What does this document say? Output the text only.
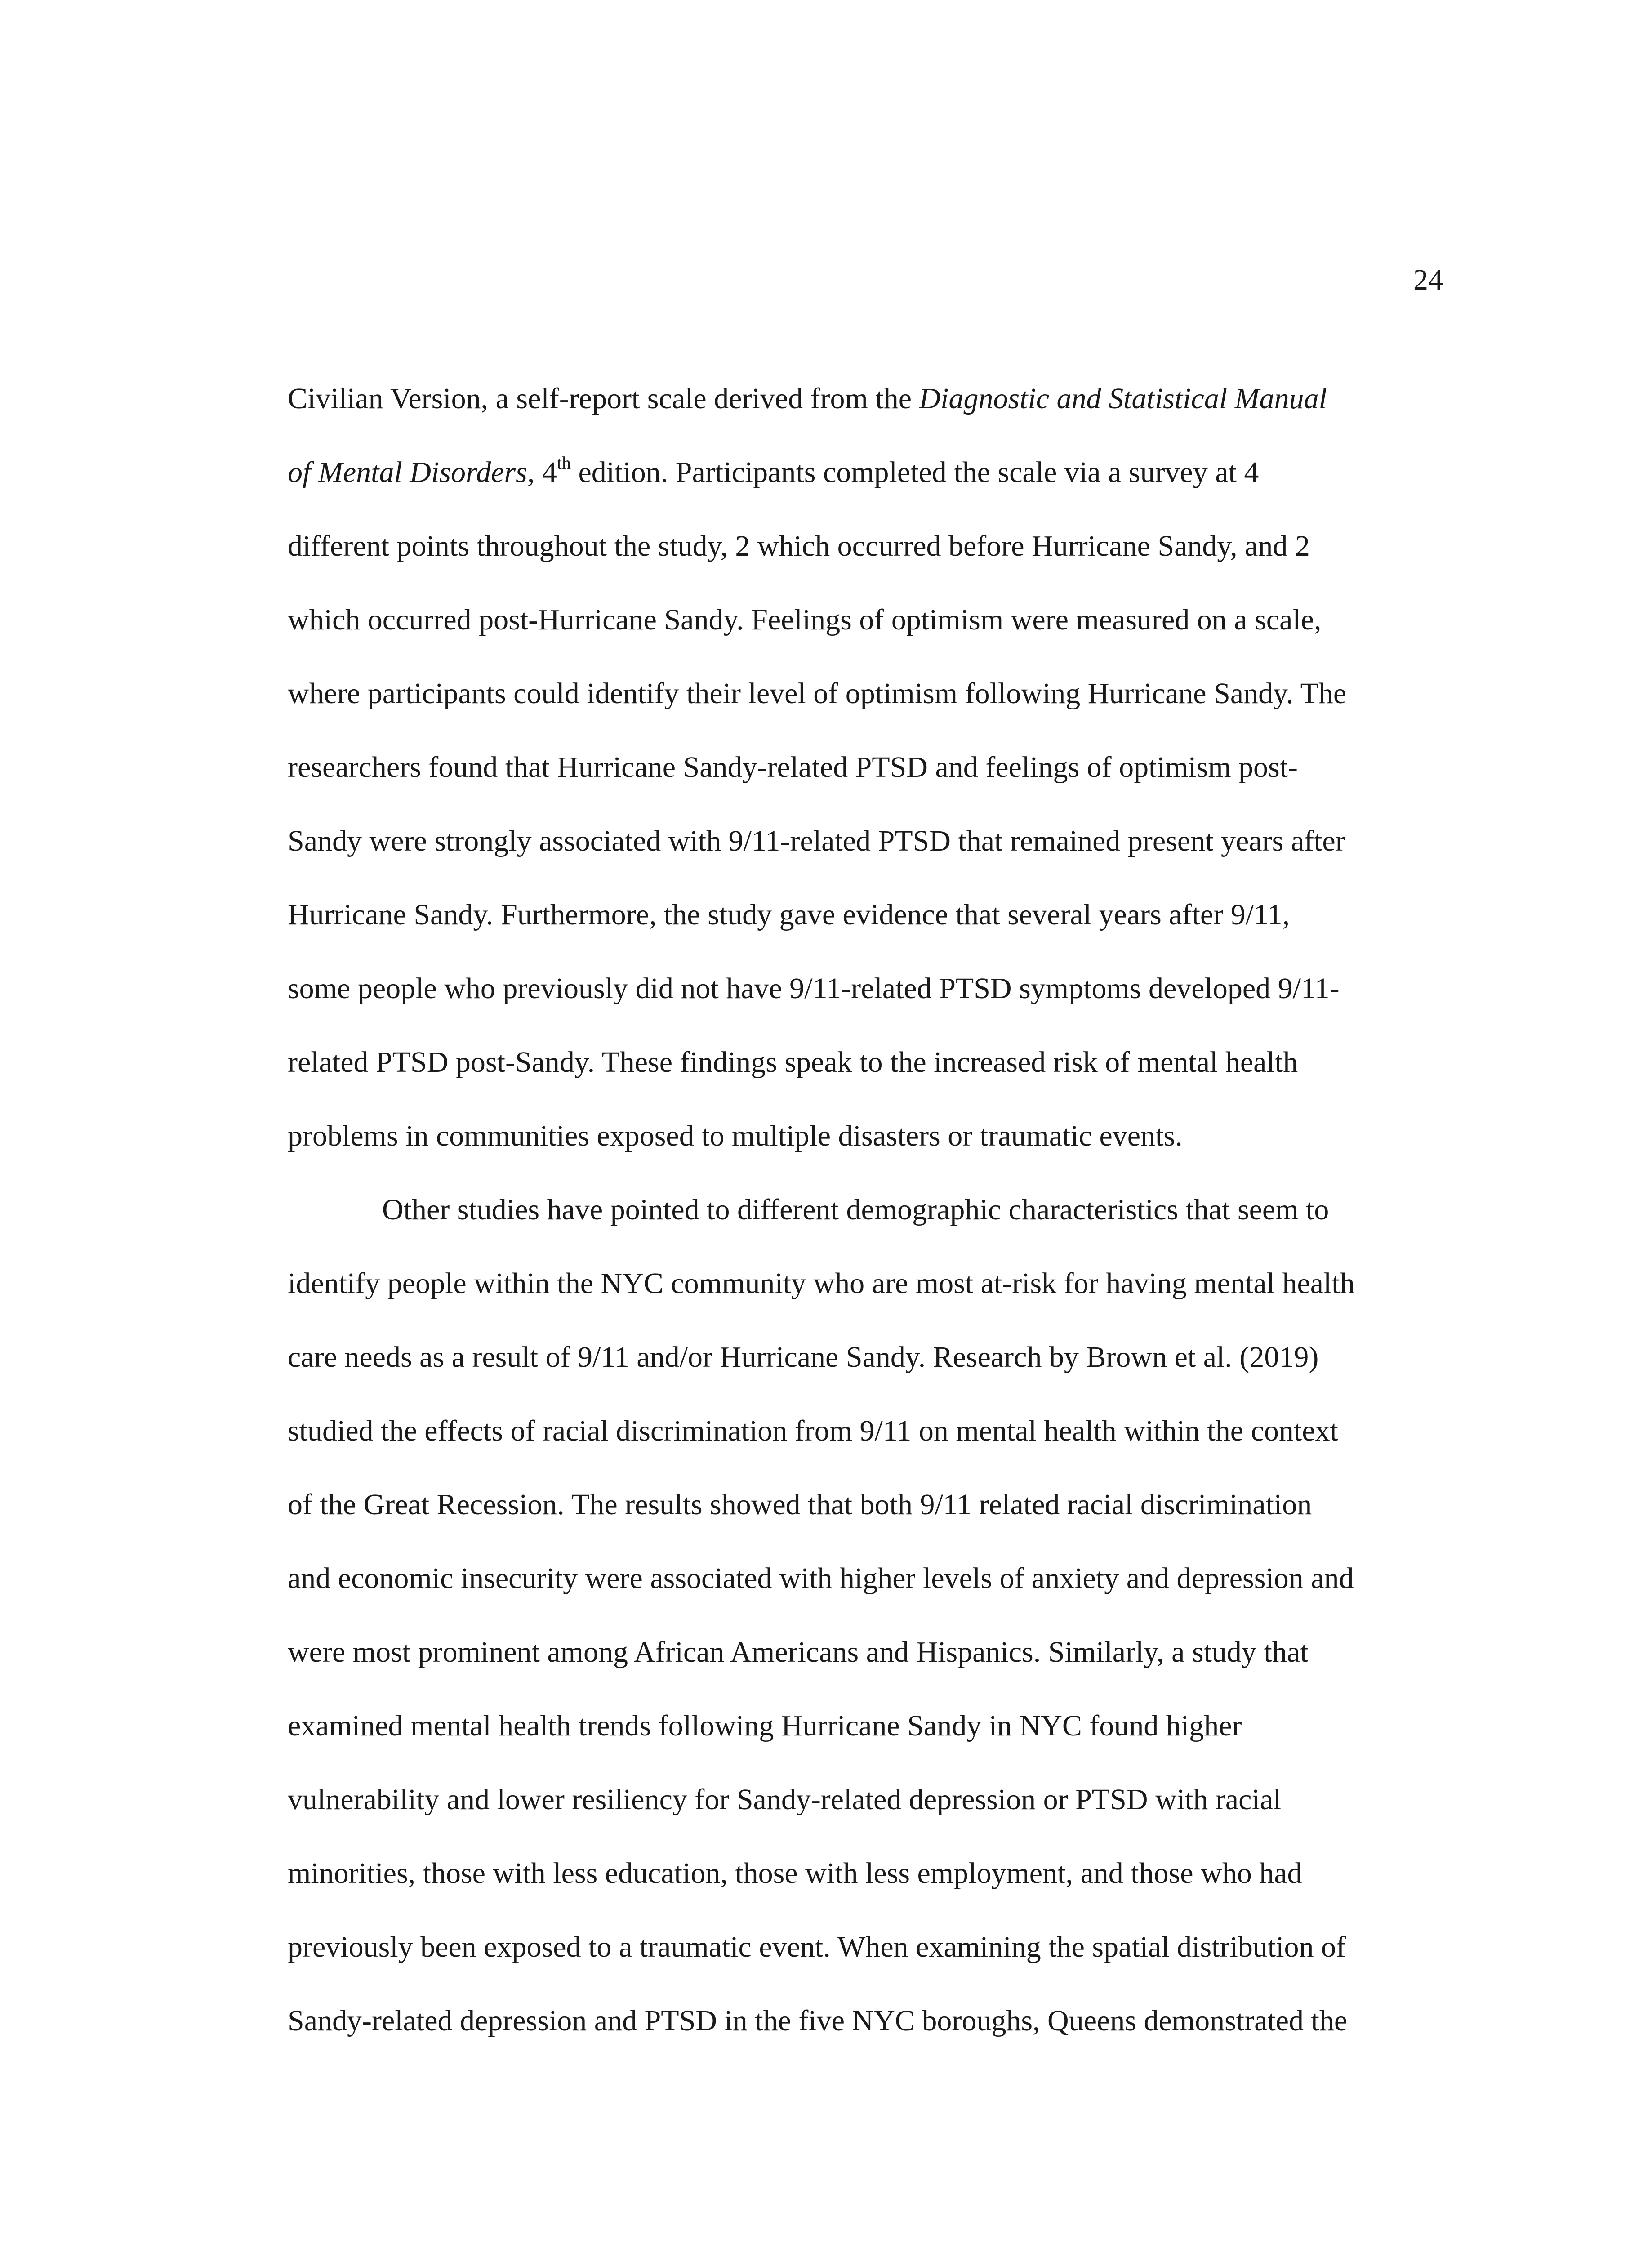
24
Civilian Version, a self-report scale derived from the Diagnostic and Statistical Manual
of Mental Disorders, 4th edition. Participants completed the scale via a survey at 4
different points throughout the study, 2 which occurred before Hurricane Sandy, and 2
which occurred post-Hurricane Sandy. Feelings of optimism were measured on a scale,
where participants could identify their level of optimism following Hurricane Sandy. The
researchers found that Hurricane Sandy-related PTSD and feelings of optimism post-
Sandy were strongly associated with 9/11-related PTSD that remained present years after
Hurricane Sandy. Furthermore, the study gave evidence that several years after 9/11,
some people who previously did not have 9/11-related PTSD symptoms developed 9/11-
related PTSD post-Sandy. These findings speak to the increased risk of mental health
problems in communities exposed to multiple disasters or traumatic events.
Other studies have pointed to different demographic characteristics that seem to
identify people within the NYC community who are most at-risk for having mental health
care needs as a result of 9/11 and/or Hurricane Sandy. Research by Brown et al. (2019)
studied the effects of racial discrimination from 9/11 on mental health within the context
of the Great Recession. The results showed that both 9/11 related racial discrimination
and economic insecurity were associated with higher levels of anxiety and depression and
were most prominent among African Americans and Hispanics. Similarly, a study that
examined mental health trends following Hurricane Sandy in NYC found higher
vulnerability and lower resiliency for Sandy-related depression or PTSD with racial
minorities, those with less education, those with less employment, and those who had
previously been exposed to a traumatic event. When examining the spatial distribution of
Sandy-related depression and PTSD in the five NYC boroughs, Queens demonstrated the
